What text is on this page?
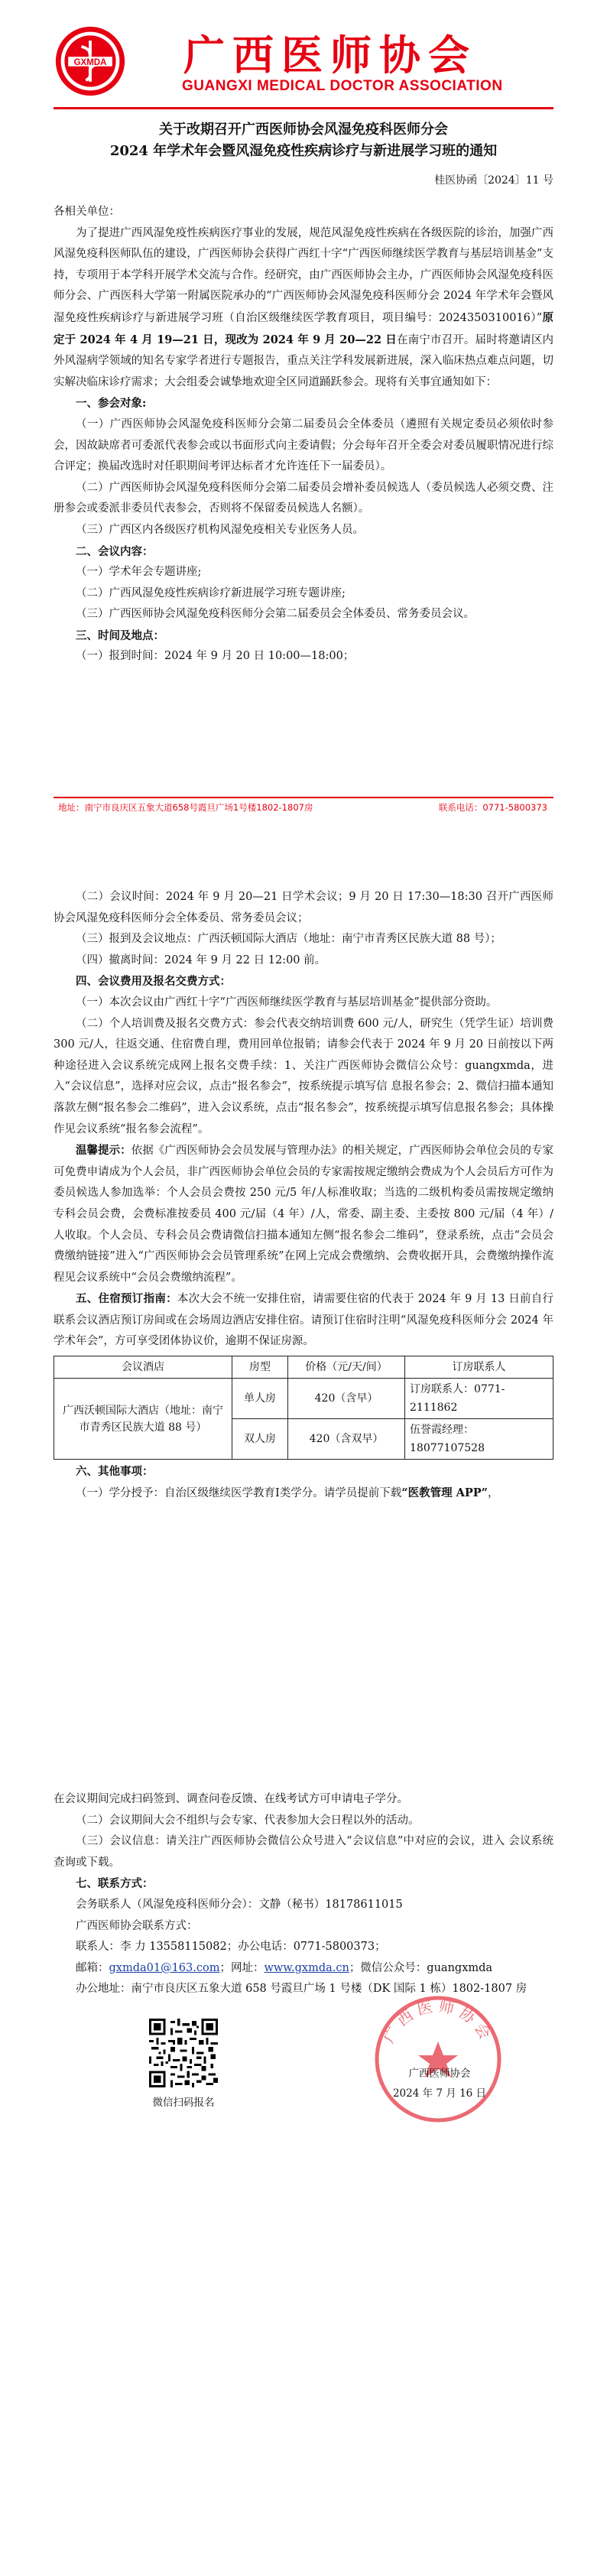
GXMDA 广西医师协会
GUANGXI MEDICAL DOCTOR ASSOCIATION
关于改期召开广西医师协会风湿免疫科医师分会
2024 年学术年会暨风湿免疫性疾病诊疗与新进展学习班的通知
桂医协函〔2024〕11 号

各相关单位：

为了提进广西风湿免疫性疾病医疗事业的发展，规范风湿免疫性疾病在各级医院的诊治，加强广西风湿免疫科医师队伍的建设，广西医师协会获得广西红十字“广西医师继续医学教育与基层培训基金”支持，专项用于本学科开展学术交流与合作。经研究，由广西医师协会主办，广西医师协会风湿免疫科医师分会、广西医科大学第一附属医院承办的“广西医师协会风湿免疫科医师分会 2024 年学术年会暨风湿免疫性疾病诊疗与新进展学习班（自治区级继续医学教育项目，项目编号：2024350310016）”原定于 2024 年 4 月 19—21 日，现改为 2024 年 9 月 20—22 日在南宁市召开。届时将邀请区内外风湿病学领域的知名专家学者进行专题报告，重点关注学科发展新进展，深入临床热点难点问题，切实解决临床诊疗需求；大会组委会诚挚地欢迎全区同道踊跃参会。现将有关事宜通知如下：

一、参会对象:

（一）广西医师协会风湿免疫科医师分会第二届委员会全体委员（遴照有关规定委员必须依时参会，因故缺席者可委派代表参会或以书面形式向主委请假；分会每年召开全委会对委员履职情况进行综合评定；换届改选时对任职期间考评达标者才允许连任下一届委员）。

（二）广西医师协会风湿免疫科医师分会第二届委员会增补委员候选人（委员候选人必须交费、注册参会或委派非委员代表参会，否则将不保留委员候选人名额）。

（三）广西区内各级医疗机构风湿免疫相关专业医务人员。

二、会议内容：

（一）学术年会专题讲座;

（二）广西风湿免疫性疾病诊疗新进展学习班专题讲座;

（三）广西医师协会风湿免疫科医师分会第二届委员会全体委员、常务委员会议。

三、时间及地点：

（一）报到时间：2024 年 9 月 20 日 10:00—18:00；

地址：南宁市良庆区五象大道658号霞旦广场1号楼1802-1807房	联系电话：0771-5800373

（二）会议时间：2024 年 9 月 20—21 日学术会议；9 月 20 日 17:30—18:30 召开广西医师协会风湿免疫科医师分会全体委员、常务委员会议；

（三）报到及会议地点：广西沃顿国际大酒店（地址：南宁市青秀区民族大道 88 号）；

（四）撤离时间：2024 年 9 月 22 日 12:00 前。

四、会议费用及报名交费方式：

（一）本次会议由广西红十字“广西医师继续医学教育与基层培训基金”提供部分资助。

（二）个人培训费及报名交费方式：参会代表交纳培训费 600 元/人，研究生（凭学生证）培训费 300 元/人，往返交通、住宿费自理，费用回单位报销；请参会代表于 2024 年 9 月 20 日前按以下两种途径进入会议系统完成网上报名交费手续：1、关注广西医师协会微信公众号：guangxmda，进入“会议信息”，选择对应会议，点击“报名参会”，按系统提示填写信 息报名参会；2、微信扫描本通知落款左侧“报名参会二维码”，进入会议系统，点击“报名参会”，按系统提示填写信息报名参会；具体操作见会议系统“报名参会流程”。

温馨提示：依据《广西医师协会会员发展与管理办法》的相关规定，广西医师协会单位会员的专家可免费申请成为个人会员，非广西医师协会单位会员的专家需按规定缴纳会费成为个人会员后方可作为委员候选人参加选举：个人会员会费按 250 元/5 年/人标准收取；当选的二级机构委员需按规定缴纳专科会员会费，会费标准按委员 400 元/届（4 年）/人，常委、副主委、主委按 800 元/届（4 年）/人收取。个人会员、专科会员会费请微信扫描本通知左侧“报名参会二维码”，登录系统，点击“会员会费缴纳链接”进入“广西医师协会会员管理系统”在网上完成会费缴纳、会费收据开具，会费缴纳操作流程见会议系统中“会员会费缴纳流程”。

五、住宿预订指南：本次大会不统一安排住宿，请需要住宿的代表于 2024 年 9 月 13 日前自行联系会议酒店预订房间或在会场周边酒店安排住宿。请预订住宿时注明“风湿免疫科医师分会 2024 年学术年会”，方可享受团体协议价，逾期不保证房源。

会议酒店	房型	价格（元/天/间）	订房联系人
广西沃顿国际大酒店（地址：南宁市青秀区民族大道 88 号）	单人房	420（含早）	订房联系人：0771-2111862
	双人房	420（含双早）	伍誉霞经理：18077107528

六、其他事项：

（一）学分授予：自治区级继续医学教育Ⅰ类学分。请学员提前下载“医教管理 APP”，

在会议期间完成扫码签到、调查问卷反馈、在线考试方可申请电子学分。

（二）会议期间大会不组织与会专家、代表参加大会日程以外的活动。

（三）会议信息：请关注广西医师协会微信公众号进入“会议信息”中对应的会议，进入 会议系统查询或下载。

七、联系方式：

会务联系人（风湿免疫科医师分会）：文静（秘书）18178611015

广西医师协会联系方式：

联系人：李 力 13558115082；办公电话：0771-5800373；

邮箱：gxmda01@163.com；网址：www.gxmda.cn；微信公众号：guangxmda

办公地址：南宁市良庆区五象大道 658 号霞旦广场 1 号楼（DK 国际 1 栋）1802-1807 房

微信扫码报名
广西医师协会
广西医师协会
2024 年 7 月 16 日
